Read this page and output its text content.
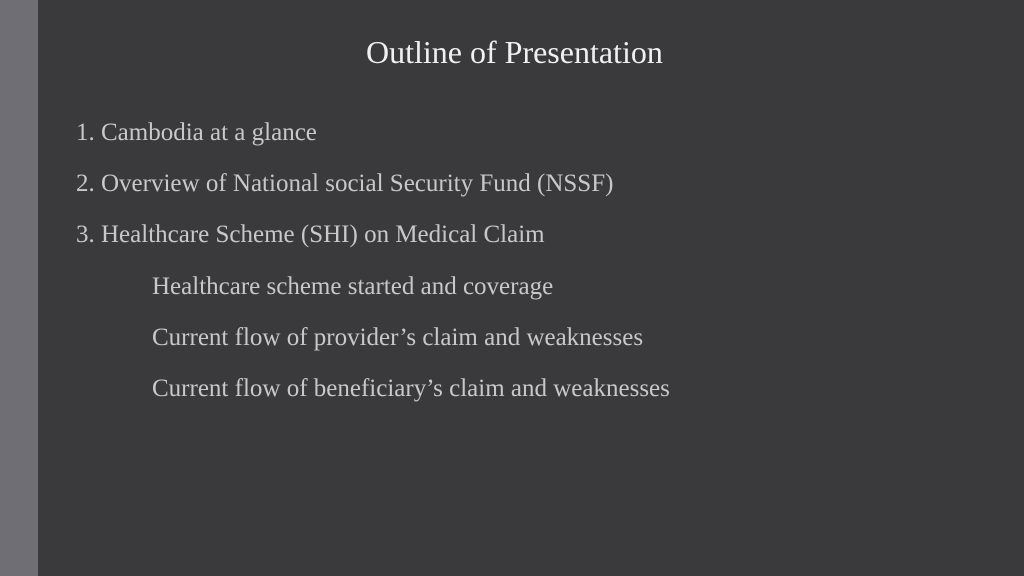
Outline of Presentation
1. Cambodia at a glance
2. Overview of National social Security Fund (NSSF)
3. Healthcare Scheme (SHI) on Medical Claim
Healthcare scheme started and coverage
Current flow of provider’s claim and weaknesses
Current flow of beneficiary’s claim and weaknesses
